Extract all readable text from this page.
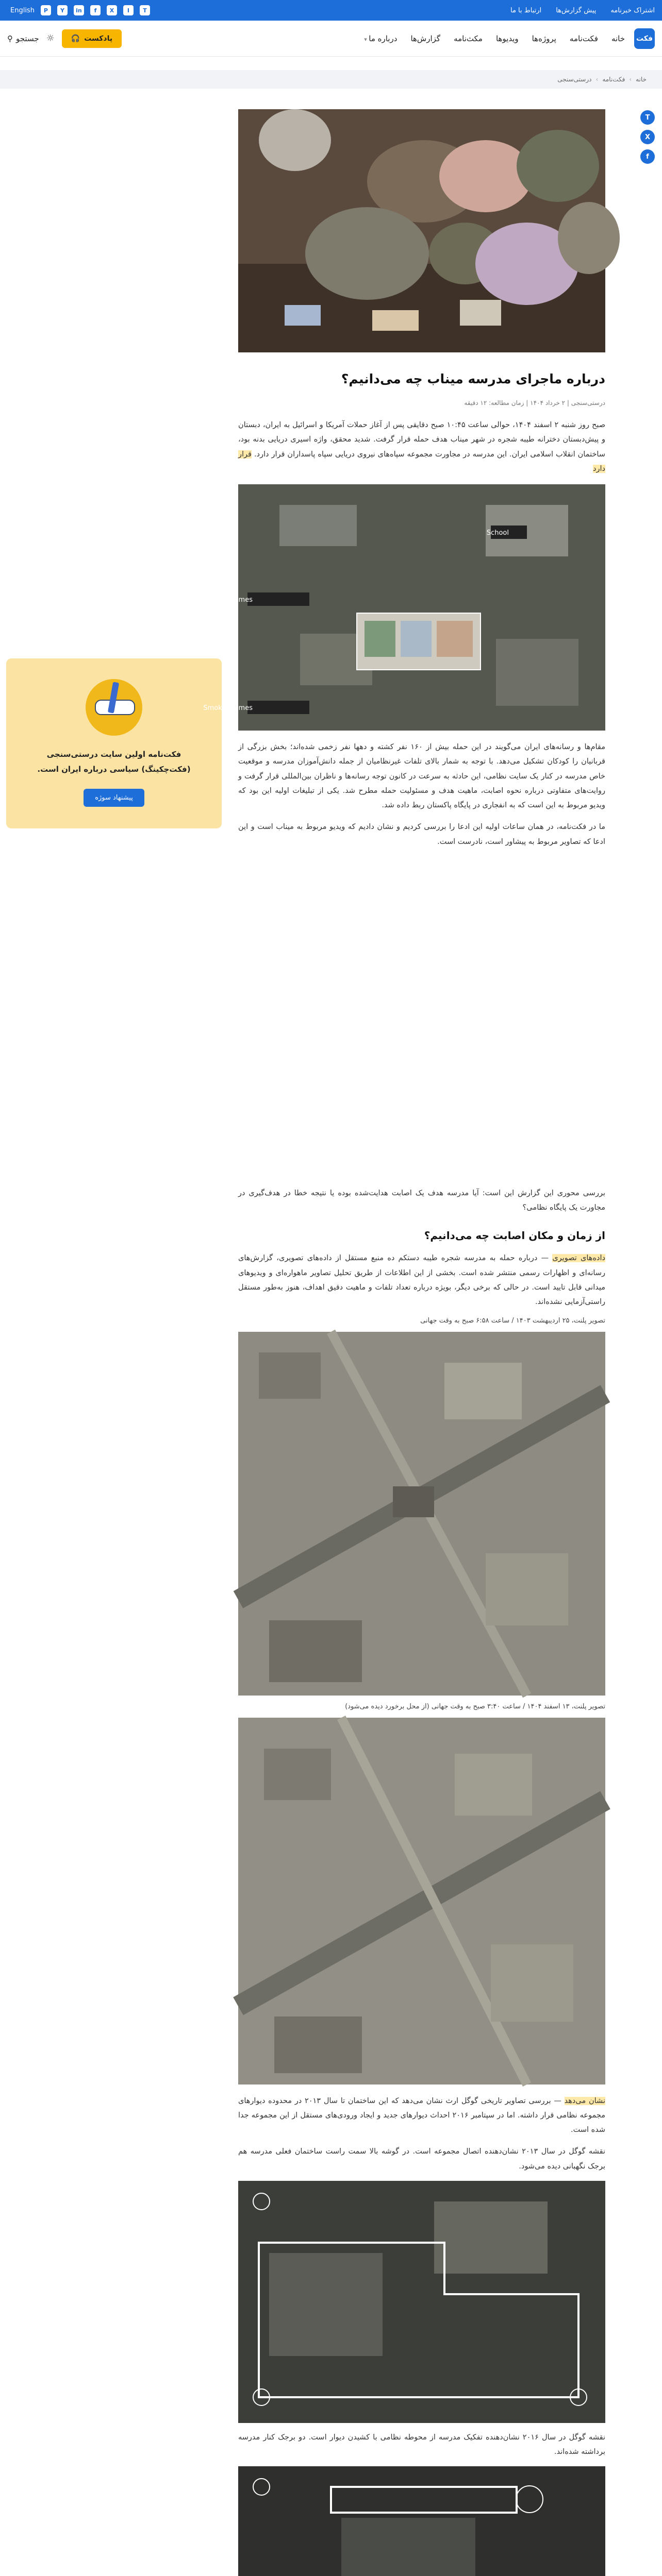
اشتراک خبرنامه
پیش گزارش‌ها
ارتباط با ما
T
I
X
f
in
Y
P
English
فکت
خانه
فکت‌نامه
پروژه‌ها
ویدیوها
مکث‌نامه
گزارش‌ها
درباره ما ▾
پادکست
🎧
☼
جستجو
⚲
خانه
›
فکت‌نامه
›
درستی‌سنجی
T
X
f
فکت‌نامه اولین سایت درستی‌سنجی (فکت‌چکینگ) سیاسی درباره ایران است.
پیشنهاد سوژه
درباره ماجرای مدرسه میناب چه می‌دانیم؟
درستی‌سنجی | ۲ خرداد ۱۴۰۴ | زمان مطالعه: ۱۲ دقیقه

صبح روز شنبه ۲ اسفند ۱۴۰۴، حوالی ساعت ۱۰:۴۵ صبح دقایقی پس از آغاز حملات آمریکا و اسرائیل به ایران، دبستان و پیش‌دبستان دخترانه طیبه شجره در شهر میناب هدف حمله قرار گرفت. شدید محقق، واژه اسیری دریایی بدنه بود، ساختمان انقلاب اسلامی ایران. این مدرسه در مجاورت مجموعه سپاه‌های نیروی دریایی سپاه پاسداران قرار دارد. قرار دارد

School
Smoke plumes
Smoke plumes

مقام‌ها و رسانه‌های ایران می‌گویند در این حمله بیش از ۱۶۰ نفر کشته و دهها نفر زخمی شده‌اند؛ بخش بزرگی از قربانیان را کودکان تشکیل می‌دهد. با توجه به شمار بالای تلفات غیرنظامیان از جمله دانش‌آموزان مدرسه و موقعیت خاص مدرسه در کنار یک سایت نظامی، این حادثه به سرعت در کانون توجه رسانه‌ها و ناظران بین‌المللی قرار گرفت و روایت‌های متفاوتی درباره نحوه اصابت، ماهیت هدف و مسئولیت حمله مطرح شد. یکی از تبلیغات اولیه این بود که ویدیو مربوط به این است که به انفجاری در پایگاه پاکستان ربط داده شد.

ما در فکت‌نامه، در همان ساعات اولیه این ادعا را بررسی کردیم و نشان دادیم که ویدیو مربوط به میناب است و این ادعا که تصاویر مربوط به پیشاور است، نادرست است.

بررسی محوری این گزارش این است: آیا مدرسه هدف یک اصابت هدایت‌شده بوده یا نتیجه خطا در هدف‌گیری در مجاورت یک پایگاه نظامی؟

از زمان و مکان اصابت چه می‌دانیم؟

داده‌های تصویری — درباره حمله به مدرسه شجره طیبه دستکم ده منبع مستقل از داده‌های تصویری، گزارش‌های رسانه‌ای و اظهارات رسمی منتشر شده است. بخشی از این اطلاعات از طریق تحلیل تصاویر ماهواره‌ای و ویدیوهای میدانی قابل تایید است. در حالی که برخی دیگر، بویژه درباره تعداد تلفات و ماهیت دقیق اهداف، هنوز به‌طور مستقل راستی‌آزمایی نشده‌اند.

تصویر پلنت، ۲۵ اردیبهشت ۱۴۰۳ / ساعت ۶:۵۸ صبح به وقت جهانی
تصویر پلنت، ۱۳ اسفند ۱۴۰۴ / ساعت ۳:۴۰ صبح به وقت جهانی (از محل برخورد دیده می‌شود)

نشان می‌دهد — بررسی تصاویر تاریخی گوگل ارث نشان می‌دهد که این ساختمان تا سال ۲۰۱۳ در محدوده دیوارهای مجموعه نظامی قرار داشته. اما در سپتامبر ۲۰۱۶ احداث دیوارهای جدید و ایجاد ورودی‌های مستقل از این مجموعه جدا شده است.

نقشه گوگل در سال ۲۰۱۳ نشان‌دهنده اتصال مجموعه است. در گوشه بالا سمت راست ساختمان فعلی مدرسه هم برجک نگهبانی دیده می‌شود.

نقشه گوگل در سال ۲۰۱۶ نشان‌دهنده تفکیک مدرسه از محوطه نظامی با کشیدن دیوار است. دو برجک کنار مدرسه برداشته شده‌اند.
